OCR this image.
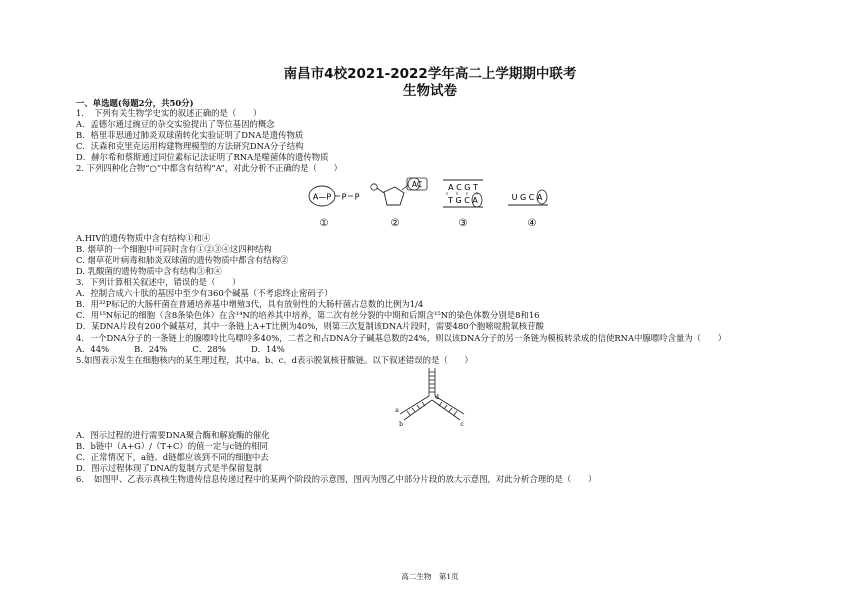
南昌市4校2021-2022学年高二上学期期中联考
生物试卷
一、单选题(每题2分，共50分)
1．　下列有关生物学史实的叙述正确的是（　　）
A．孟德尔通过豌豆的杂交实验提出了等位基因的概念
B．格里菲思通过肺炎双球菌转化实验证明了DNA是遗传物质
C．沃森和克里克运用构建物理模型的方法研究DNA分子结构
D．赫尔希和蔡斯通过同位素标记法证明了RNA是噬菌体的遗传物质
2. 下列四种化合物“○”中都含有结构“A”，对此分析不正确的是（　　）
A—P P P
AC	A C G T
T G C A	U G C A
①	②	③	④
A.HIV的遗传物质中含有结构①和④
B. 烟草的一个细胞中可同时含有①②③④这四种结构
C. 烟草花叶病毒和肺炎双球菌的遗传物质中都含有结构②
D. 乳酸菌的遗传物质中含有结构③和④
3．下列计算相关叙述中，错误的是（　　）
A．控制合成六十肽的基因中至少有360个碱基（不考虑终止密码子）
B．用³²P标记的大肠杆菌在普通培养基中增殖3代，具有放射性的大肠杆菌占总数的比例为1/4
C．用¹⁵N标记的细胞（含8条染色体）在含¹⁴N的培养其中培养，第二次有丝分裂的中期和后期含¹⁵N的染色体数分别是8和16
D．某DNA片段有200个碱基对，其中一条链上A+T比例为40%，则第三次复制该DNA片段时，需要480个胞嘧啶脱氧核苷酸
4．一个DNA分子的一条链上的腺嘌呤比鸟嘌呤多40%，二者之和占DNA分子碱基总数的24%，则以该DNA分子的另一条链为模板转录成的信使RNA中腺嘌呤含量为（　　）
A．44%　　　B．24%　　　C．28%　　　D．14%
5.如图表示发生在细胞核内的某生理过程，其中a、b、c、d表示脱氧核苷酸链。以下叙述错误的是（　　）
a
b	c
d
A．图示过程的进行需要DNA聚合酶和解旋酶的催化
B．b链中（A+G）/（T+C）的值一定与c链的相同
C．正常情况下，a链、d链都应该到不同的细胞中去
D．图示过程体现了DNA的复制方式是半保留复制
6．　如图甲、乙表示真核生物遗传信息传递过程中的某两个阶段的示意图，图丙为图乙中部分片段的放大示意图，对此分析合理的是（　　）
高二生物　第1页
